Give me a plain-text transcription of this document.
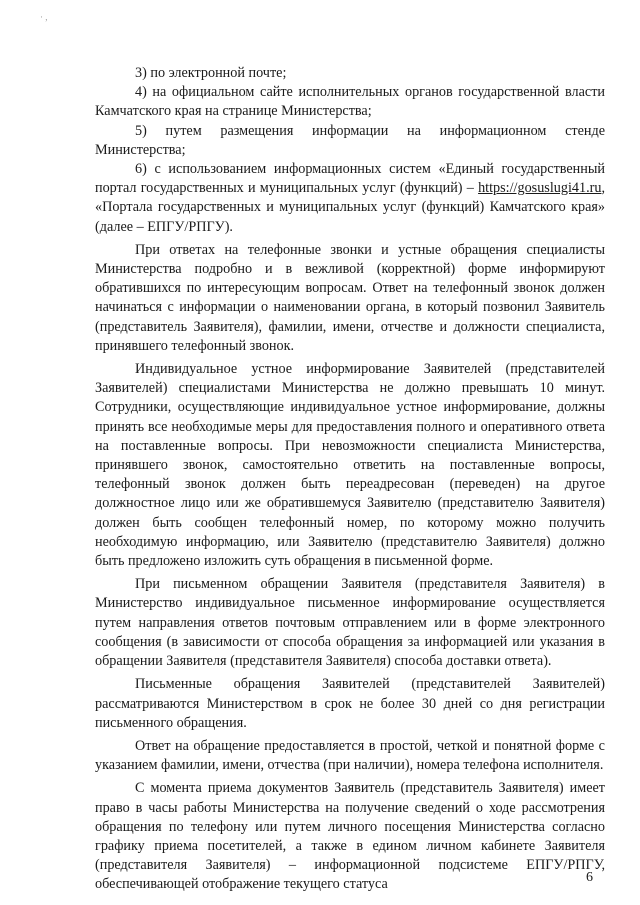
· ,

3) по электронной почте;

4) на официальном сайте исполнительных органов государственной власти Камчатского края на странице Министерства;

5) путем размещения информации на информационном стенде Министерства;

6) с использованием информационных систем «Единый государственный портал государственных и муниципальных услуг (функций) – https://gosuslugi41.ru, «Портала государственных и муниципальных услуг (функций) Камчатского края» (далее – ЕПГУ/РПГУ).

При ответах на телефонные звонки и устные обращения специалисты Министерства подробно и в вежливой (корректной) форме информируют обратившихся по интересующим вопросам. Ответ на телефонный звонок должен начинаться с информации о наименовании органа, в который позвонил Заявитель (представитель Заявителя), фамилии, имени, отчестве и должности специалиста, принявшего телефонный звонок.

Индивидуальное устное информирование Заявителей (представителей Заявителей) специалистами Министерства не должно превышать 10 минут. Сотрудники, осуществляющие индивидуальное устное информирование, должны принять все необходимые меры для предоставления полного и оперативного ответа на поставленные вопросы. При невозможности специалиста Министерства, принявшего звонок, самостоятельно ответить на поставленные вопросы, телефонный звонок должен быть переадресован (переведен) на другое должностное лицо или же обратившемуся Заявителю (представителю Заявителя) должен быть сообщен телефонный номер, по которому можно получить необходимую информацию, или Заявителю (представителю Заявителя) должно быть предложено изложить суть обращения в письменной форме.

При письменном обращении Заявителя (представителя Заявителя) в Министерство индивидуальное письменное информирование осуществляется путем направления ответов почтовым отправлением или в форме электронного сообщения (в зависимости от способа обращения за информацией или указания в обращении Заявителя (представителя Заявителя) способа доставки ответа).

Письменные обращения Заявителей (представителей Заявителей) рассматриваются Министерством в срок не более 30 дней со дня регистрации письменного обращения.

Ответ на обращение предоставляется в простой, четкой и понятной форме с указанием фамилии, имени, отчества (при наличии), номера телефона исполнителя.

С момента приема документов Заявитель (представитель Заявителя) имеет право в часы работы Министерства на получение сведений о ходе рассмотрения обращения по телефону или путем личного посещения Министерства согласно графику приема посетителей, а также в едином личном кабинете Заявителя (представителя Заявителя) – информационной подсистеме ЕПГУ/РПГУ, обеспечивающей отображение текущего статуса	6
